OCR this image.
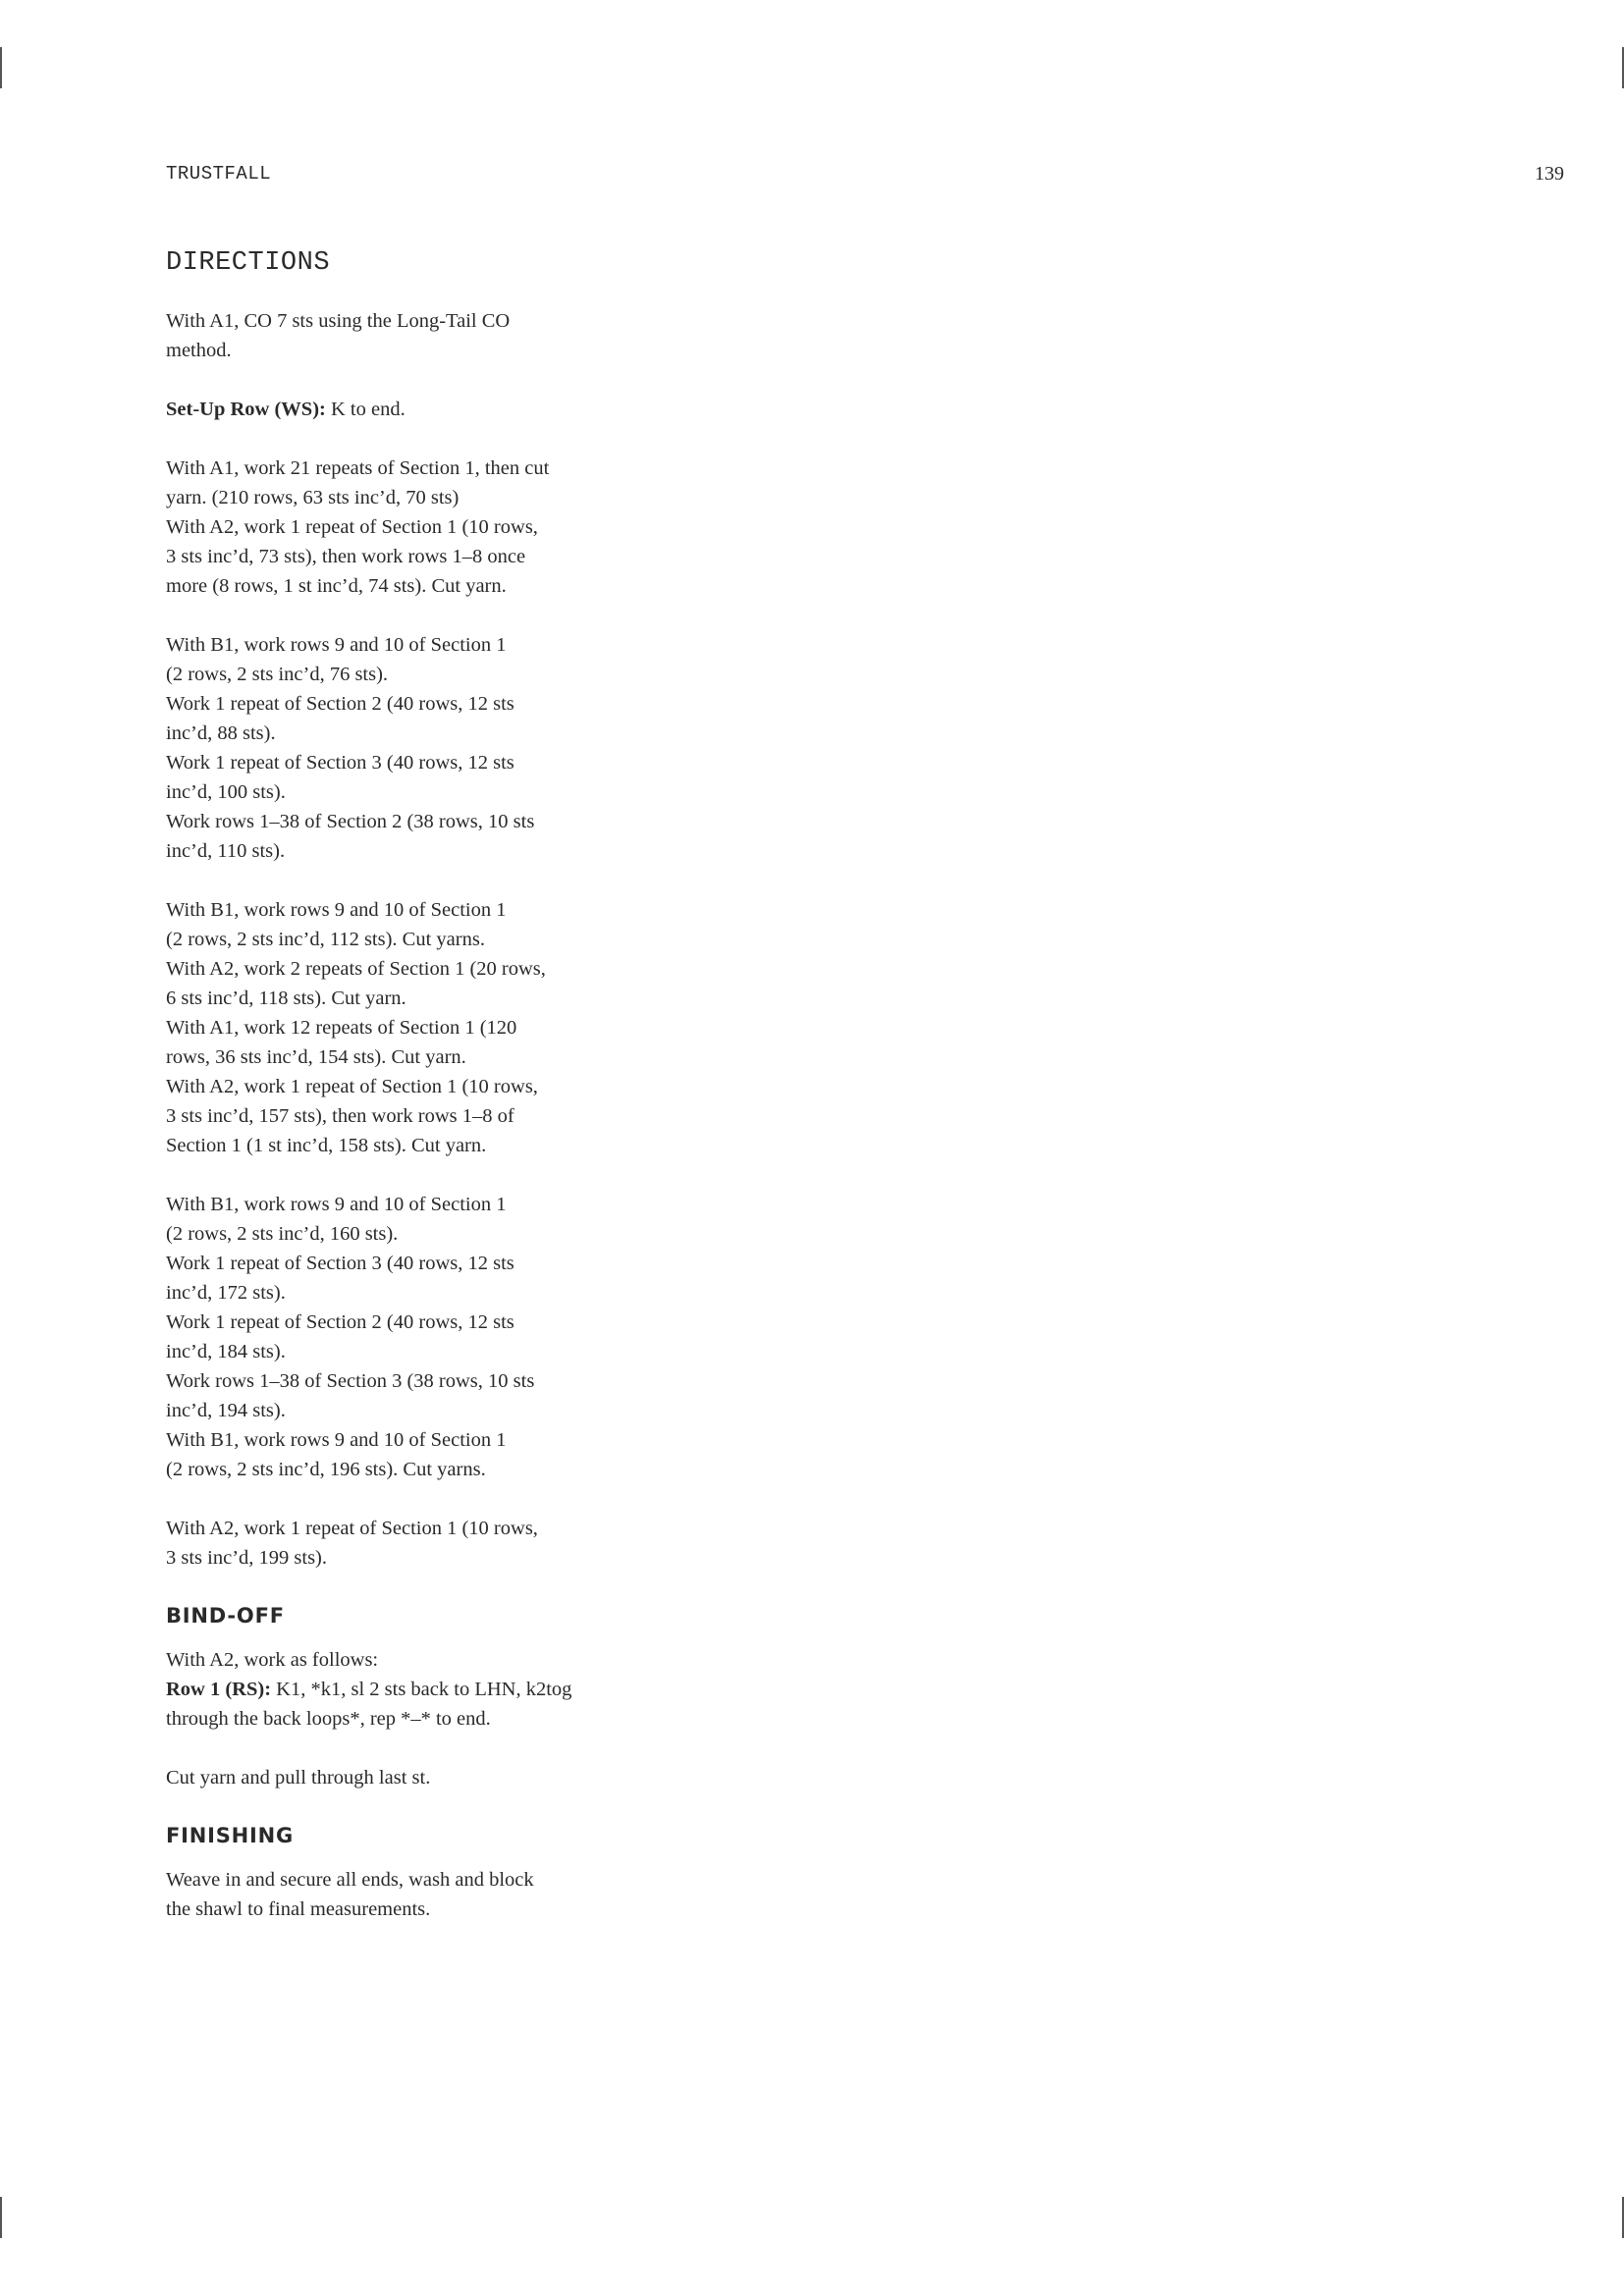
TRUSTFALL	139
DIRECTIONS

With A1, CO 7 sts using the Long-Tail CO
method.

Set-Up Row (WS): K to end.

With A1, work 21 repeats of Section 1, then cut
yarn. (210 rows, 63 sts inc’d, 70 sts)
With A2, work 1 repeat of Section 1 (10 rows,
3 sts inc’d, 73 sts), then work rows 1–8 once
more (8 rows, 1 st inc’d, 74 sts). Cut yarn.

With B1, work rows 9 and 10 of Section 1
(2 rows, 2 sts inc’d, 76 sts).
Work 1 repeat of Section 2 (40 rows, 12 sts
inc’d, 88 sts).
Work 1 repeat of Section 3 (40 rows, 12 sts
inc’d, 100 sts).
Work rows 1–38 of Section 2 (38 rows, 10 sts
inc’d, 110 sts).

With B1, work rows 9 and 10 of Section 1
(2 rows, 2 sts inc’d, 112 sts). Cut yarns.
With A2, work 2 repeats of Section 1 (20 rows,
6 sts inc’d, 118 sts). Cut yarn.
With A1, work 12 repeats of Section 1 (120
rows, 36 sts inc’d, 154 sts). Cut yarn.
With A2, work 1 repeat of Section 1 (10 rows,
3 sts inc’d, 157 sts), then work rows 1–8 of
Section 1 (1 st inc’d, 158 sts). Cut yarn.

With B1, work rows 9 and 10 of Section 1
(2 rows, 2 sts inc’d, 160 sts).
Work 1 repeat of Section 3 (40 rows, 12 sts
inc’d, 172 sts).
Work 1 repeat of Section 2 (40 rows, 12 sts
inc’d, 184 sts).
Work rows 1–38 of Section 3 (38 rows, 10 sts
inc’d, 194 sts).
With B1, work rows 9 and 10 of Section 1
(2 rows, 2 sts inc’d, 196 sts). Cut yarns.

With A2, work 1 repeat of Section 1 (10 rows,
3 sts inc’d, 199 sts).

BIND-OFF

With A2, work as follows:
Row 1 (RS): K1, *k1, sl 2 sts back to LHN, k2tog
through the back loops*, rep *–* to end.

Cut yarn and pull through last st.

FINISHING

Weave in and secure all ends, wash and block
the shawl to final measurements.
